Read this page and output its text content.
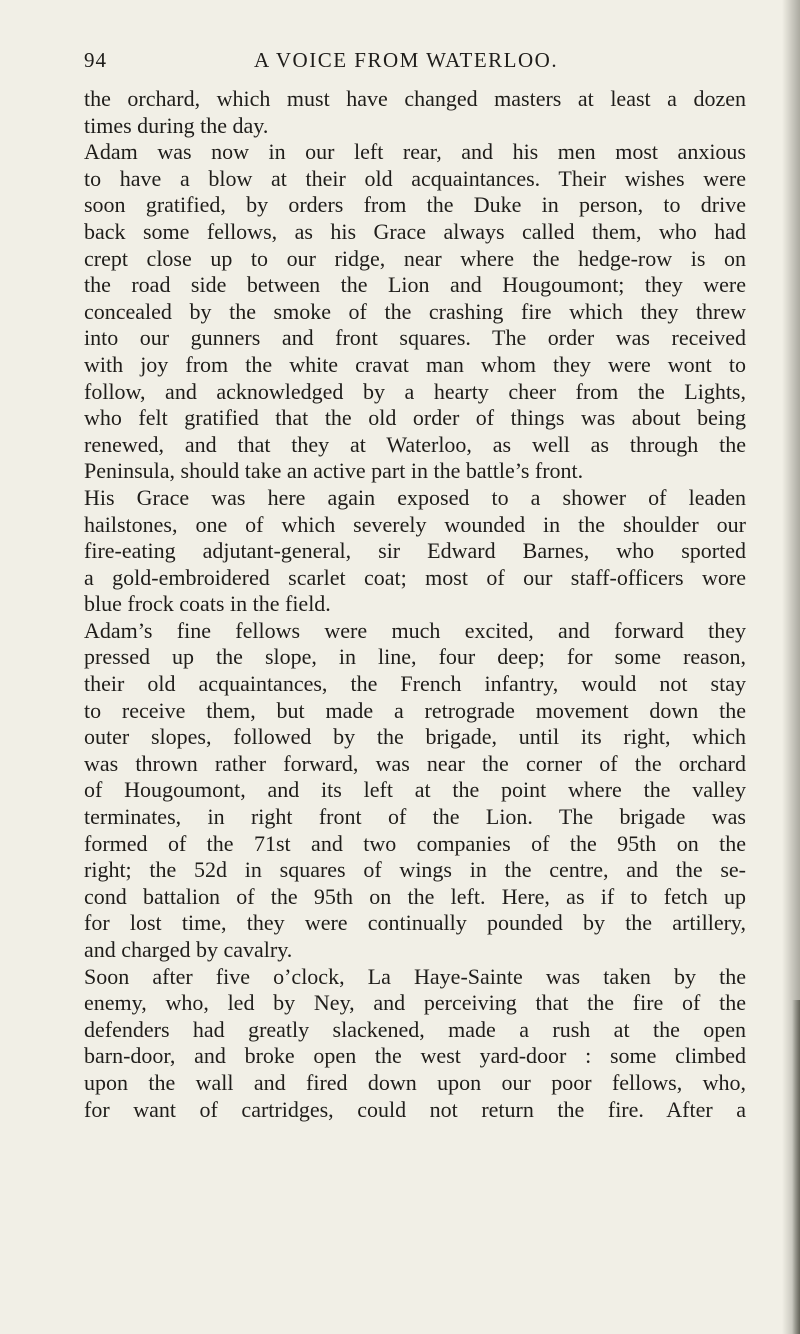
94	A VOICE FROM WATERLOO.
the orchard, which must have changed masters at least a dozen
times during the day.
Adam was now in our left rear, and his men most anxious
to have a blow at their old acquaintances. Their wishes were
soon gratified, by orders from the Duke in person, to drive
back some fellows, as his Grace always called them, who had
crept close up to our ridge, near where the hedge-row is on
the road side between the Lion and Hougoumont; they were
concealed by the smoke of the crashing fire which they threw
into our gunners and front squares. The order was received
with joy from the white cravat man whom they were wont to
follow, and acknowledged by a hearty cheer from the Lights,
who felt gratified that the old order of things was about being
renewed, and that they at Waterloo, as well as through the
Peninsula, should take an active part in the battle’s front.
His Grace was here again exposed to a shower of leaden
hailstones, one of which severely wounded in the shoulder our
fire-eating adjutant-general, sir Edward Barnes, who sported
a gold-embroidered scarlet coat; most of our staff-officers wore
blue frock coats in the field.
Adam’s fine fellows were much excited, and forward they
pressed up the slope, in line, four deep; for some reason,
their old acquaintances, the French infantry, would not stay
to receive them, but made a retrograde movement down the
outer slopes, followed by the brigade, until its right, which
was thrown rather forward, was near the corner of the orchard
of Hougoumont, and its left at the point where the valley
terminates, in right front of the Lion. The brigade was
formed of the 71st and two companies of the 95th on the
right; the 52d in squares of wings in the centre, and the se-
cond battalion of the 95th on the left. Here, as if to fetch up
for lost time, they were continually pounded by the artillery,
and charged by cavalry.
Soon after five o’clock, La Haye-Sainte was taken by the
enemy, who, led by Ney, and perceiving that the fire of the
defenders had greatly slackened, made a rush at the open
barn-door, and broke open the west yard-door : some climbed
upon the wall and fired down upon our poor fellows, who,
for want of cartridges, could not return the fire. After a
